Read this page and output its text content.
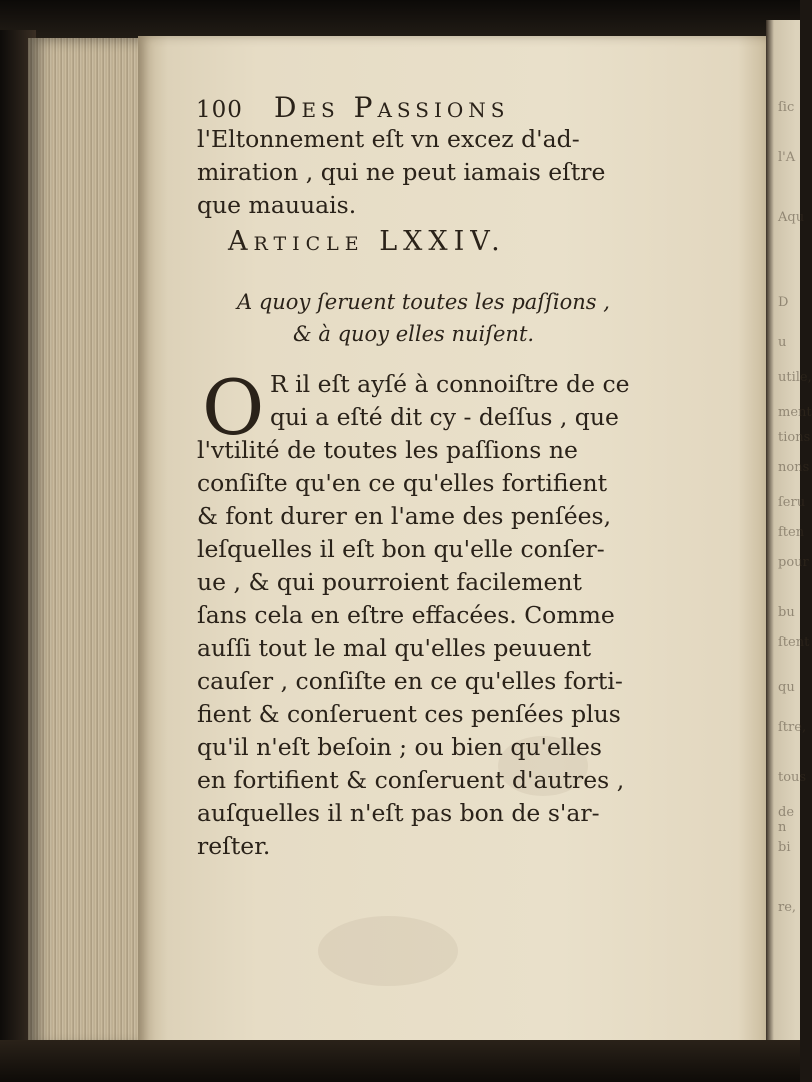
ſic
l'A
Aqu
D
u
utile,
ment
tions
nons
ſeru
ften
pour
bu
ſtent
qu
ſtre,
tous
de n
bi
re,
100 Des Passions
l'Eltonnement eſt vn excez d'ad-
miration , qui ne peut iamais eſtre
que mauuais.
Article LXXIV.
A quoy ſeruent toutes les paſſions ,
& à quoy elles nuiſent.
O R il eſt ayſé à connoiſtre de ce
qui a eſté dit cy - deſſus , que
l'vtilité de toutes les paſſions ne
conſiſte qu'en ce qu'elles fortifient
& font durer en l'ame des penſées,
leſquelles il eſt bon qu'elle conſer-
ue , & qui pourroient facilement
ſans cela en eſtre effacées. Comme
auſſi tout le mal qu'elles peuuent
cauſer , conſiſte en ce qu'elles forti-
fient & conſeruent ces penſées plus
qu'il n'eſt beſoin ; ou bien qu'elles
en fortifient & conſeruent d'autres ,
auſquelles il n'eſt pas bon de s'ar-
reſter.
